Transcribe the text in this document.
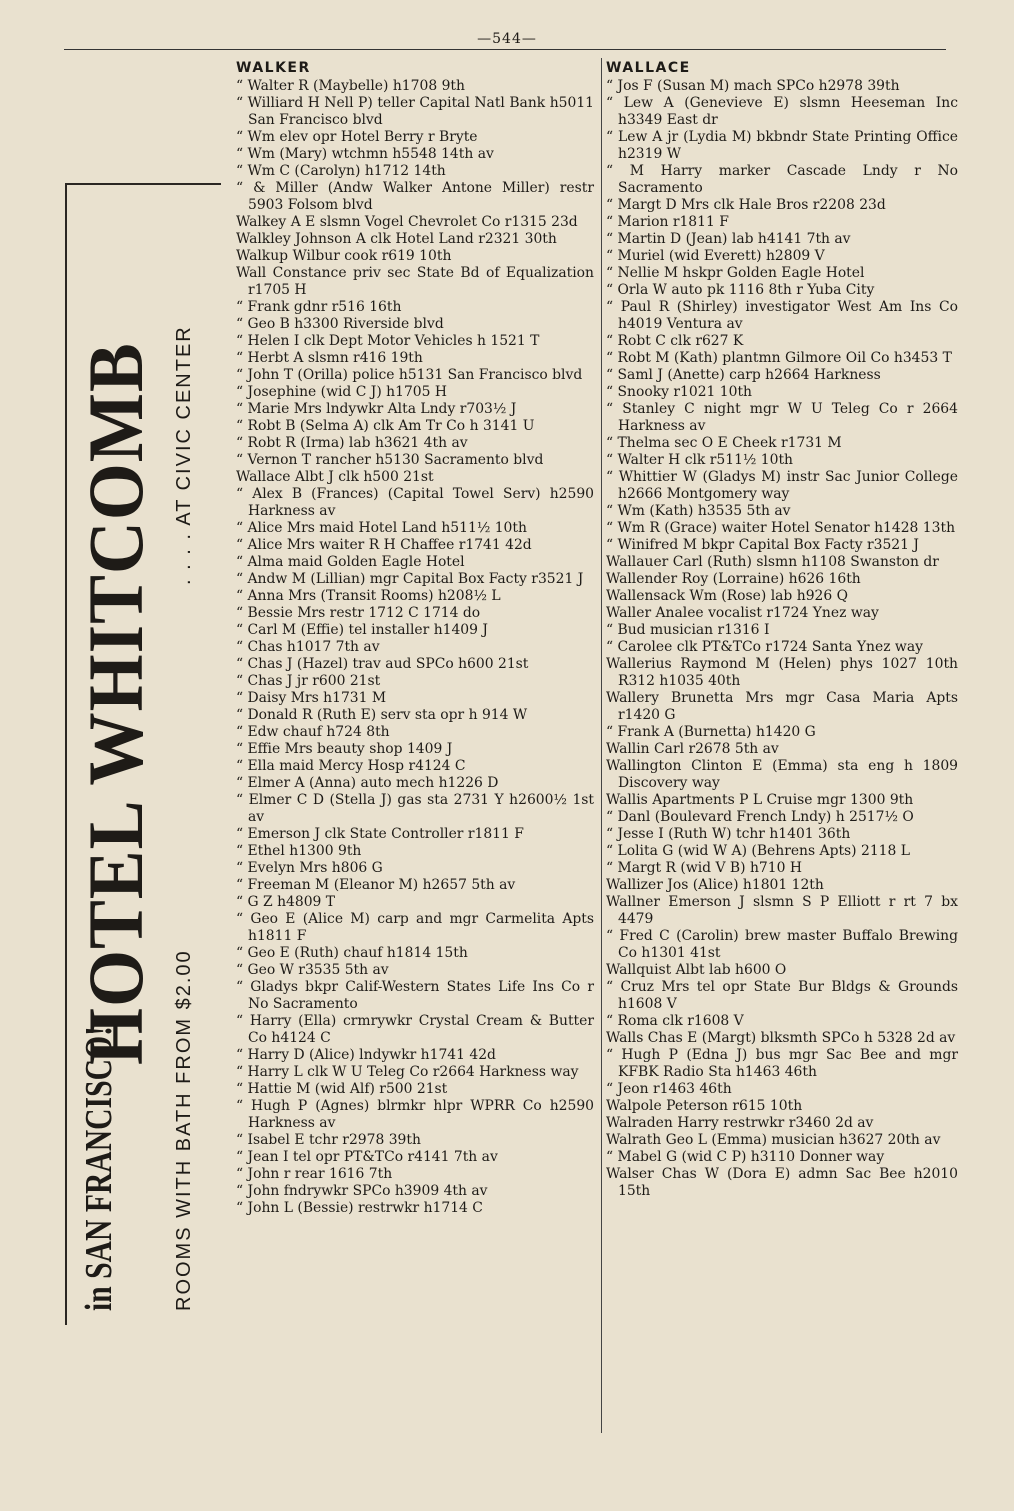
—544—
in SAN FRANCISCO!
HOTEL WHITCOMB
ROOMS WITH BATH FROM $2.00
. . . . AT CIVIC CENTER
WALKER
“ Walter R (Maybelle) h1708 9th
“ Williard H Nell P) teller Capital Natl Bank h5011 San Francisco blvd
“ Wm elev opr Hotel Berry r Bryte
“ Wm (Mary) wtchmn h5548 14th av
“ Wm C (Carolyn) h1712 14th
“ & Miller (Andw Walker Antone Miller) restr 5903 Folsom blvd
Walkey A E slsmn Vogel Chevrolet Co r1315 23d
Walkley Johnson A clk Hotel Land r2321 30th
Walkup Wilbur cook r619 10th
Wall Constance priv sec State Bd of Equalization r1705 H
“ Frank gdnr r516 16th
“ Geo B h3300 Riverside blvd
“ Helen I clk Dept Motor Vehicles h 1521 T
“ Herbt A slsmn r416 19th
“ John T (Orilla) police h5131 San Francisco blvd
“ Josephine (wid C J) h1705 H
“ Marie Mrs lndywkr Alta Lndy r703½ J
“ Robt B (Selma A) clk Am Tr Co h 3141 U
“ Robt R (Irma) lab h3621 4th av
“ Vernon T rancher h5130 Sacramento blvd
Wallace Albt J clk h500 21st
“ Alex B (Frances) (Capital Towel Serv) h2590 Harkness av
“ Alice Mrs maid Hotel Land h511½ 10th
“ Alice Mrs waiter R H Chaffee r1741 42d
“ Alma maid Golden Eagle Hotel
“ Andw M (Lillian) mgr Capital Box Facty r3521 J
“ Anna Mrs (Transit Rooms) h208½ L
“ Bessie Mrs restr 1712 C 1714 do
“ Carl M (Effie) tel installer h1409 J
“ Chas h1017 7th av
“ Chas J (Hazel) trav aud SPCo h600 21st
“ Chas J jr r600 21st
“ Daisy Mrs h1731 M
“ Donald R (Ruth E) serv sta opr h 914 W
“ Edw chauf h724 8th
“ Effie Mrs beauty shop 1409 J
“ Ella maid Mercy Hosp r4124 C
“ Elmer A (Anna) auto mech h1226 D
“ Elmer C D (Stella J) gas sta 2731 Y h2600½ 1st av
“ Emerson J clk State Controller r1811 F
“ Ethel h1300 9th
“ Evelyn Mrs h806 G
“ Freeman M (Eleanor M) h2657 5th av
“ G Z h4809 T
“ Geo E (Alice M) carp and mgr Carmelita Apts h1811 F
“ Geo E (Ruth) chauf h1814 15th
“ Geo W r3535 5th av
“ Gladys bkpr Calif-Western States Life Ins Co r No Sacramento
“ Harry (Ella) crmrywkr Crystal Cream & Butter Co h4124 C
“ Harry D (Alice) lndywkr h1741 42d
“ Harry L clk W U Teleg Co r2664 Harkness way
“ Hattie M (wid Alf) r500 21st
“ Hugh P (Agnes) blrmkr hlpr WPRR Co h2590 Harkness av
“ Isabel E tchr r2978 39th
“ Jean I tel opr PT&TCo r4141 7th av
“ John r rear 1616 7th
“ John fndrywkr SPCo h3909 4th av
“ John L (Bessie) restrwkr h1714 C
WALLACE
“ Jos F (Susan M) mach SPCo h2978 39th
“ Lew A (Genevieve E) slsmn Heeseman Inc h3349 East dr
“ Lew A jr (Lydia M) bkbndr State Printing Office h2319 W
“ M Harry marker Cascade Lndy r No Sacramento
“ Margt D Mrs clk Hale Bros r2208 23d
“ Marion r1811 F
“ Martin D (Jean) lab h4141 7th av
“ Muriel (wid Everett) h2809 V
“ Nellie M hskpr Golden Eagle Hotel
“ Orla W auto pk 1116 8th r Yuba City
“ Paul R (Shirley) investigator West Am Ins Co h4019 Ventura av
“ Robt C clk r627 K
“ Robt M (Kath) plantmn Gilmore Oil Co h3453 T
“ Saml J (Anette) carp h2664 Harkness
“ Snooky r1021 10th
“ Stanley C night mgr W U Teleg Co r 2664 Harkness av
“ Thelma sec O E Cheek r1731 M
“ Walter H clk r511½ 10th
“ Whittier W (Gladys M) instr Sac Junior College h2666 Montgomery way
“ Wm (Kath) h3535 5th av
“ Wm R (Grace) waiter Hotel Senator h1428 13th
“ Winifred M bkpr Capital Box Facty r3521 J
Wallauer Carl (Ruth) slsmn h1108 Swanston dr
Wallender Roy (Lorraine) h626 16th
Wallensack Wm (Rose) lab h926 Q
Waller Analee vocalist r1724 Ynez way
“ Bud musician r1316 I
“ Carolee clk PT&TCo r1724 Santa Ynez way
Wallerius Raymond M (Helen) phys 1027 10th R312 h1035 40th
Wallery Brunetta Mrs mgr Casa Maria Apts r1420 G
“ Frank A (Burnetta) h1420 G
Wallin Carl r2678 5th av
Wallington Clinton E (Emma) sta eng h 1809 Discovery way
Wallis Apartments P L Cruise mgr 1300 9th
“ Danl (Boulevard French Lndy) h 2517½ O
“ Jesse I (Ruth W) tchr h1401 36th
“ Lolita G (wid W A) (Behrens Apts) 2118 L
“ Margt R (wid V B) h710 H
Wallizer Jos (Alice) h1801 12th
Wallner Emerson J slsmn S P Elliott r rt 7 bx 4479
“ Fred C (Carolin) brew master Buffalo Brewing Co h1301 41st
Wallquist Albt lab h600 O
“ Cruz Mrs tel opr State Bur Bldgs & Grounds h1608 V
“ Roma clk r1608 V
Walls Chas E (Margt) blksmth SPCo h 5328 2d av
“ Hugh P (Edna J) bus mgr Sac Bee and mgr KFBK Radio Sta h1463 46th
“ Jeon r1463 46th
Walpole Peterson r615 10th
Walraden Harry restrwkr r3460 2d av
Walrath Geo L (Emma) musician h3627 20th av
“ Mabel G (wid C P) h3110 Donner way
Walser Chas W (Dora E) admn Sac Bee h2010 15th
